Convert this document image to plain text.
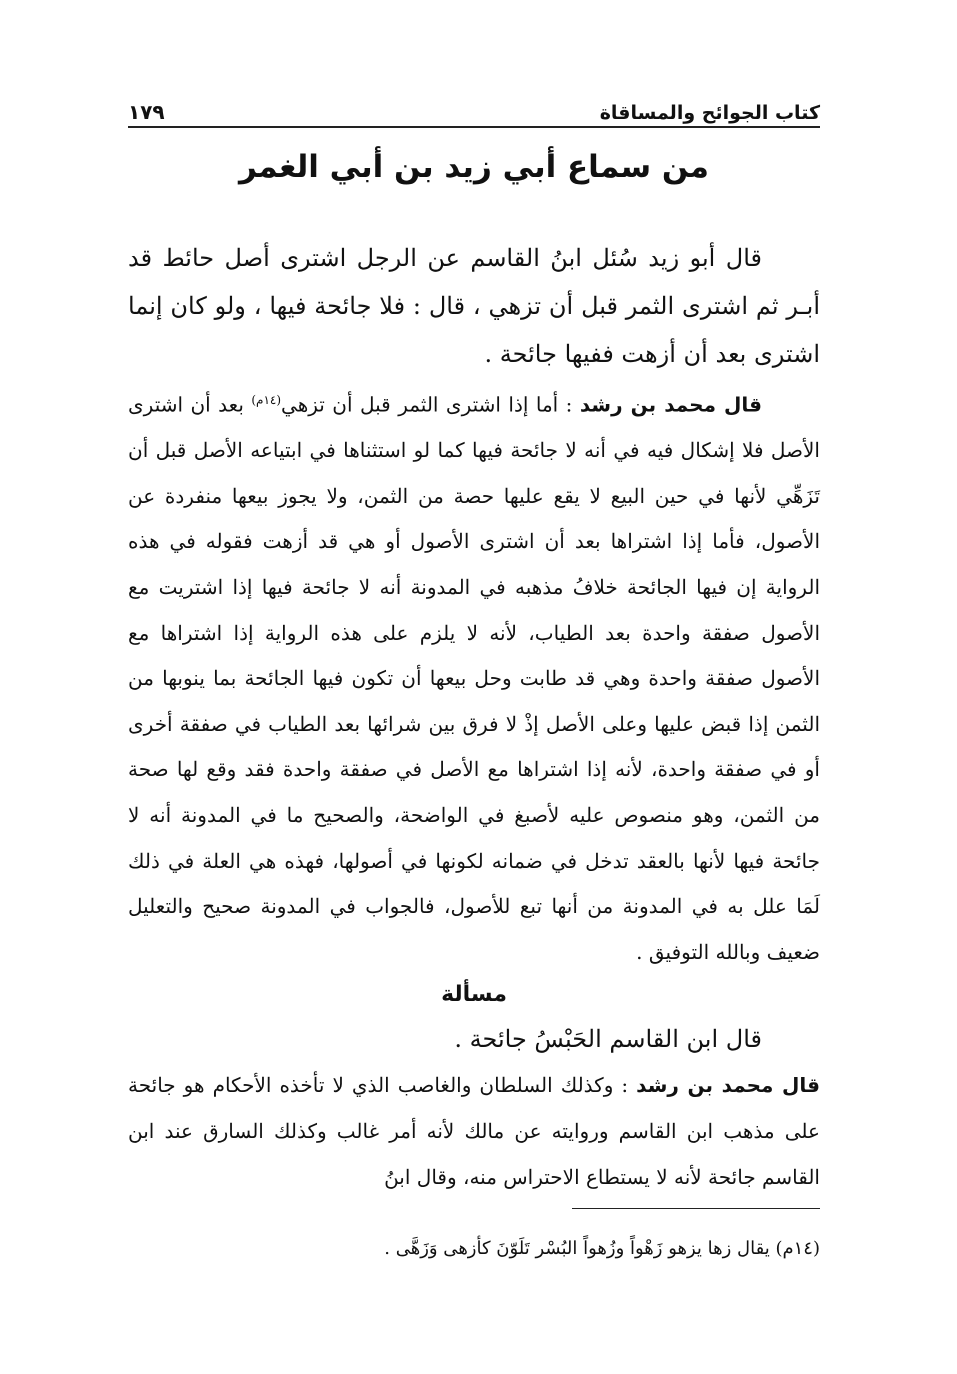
كتاب الجوائح والمساقاة
١٧٩
من سماع أبي زيد بن أبي الغمر

قال أبو زيد سُئل ابنُ القاسم عن الرجل اشترى أصل حائط قد أبـر ثم اشترى الثمر قبل أن تزهي ، قال : فلا جائحة فيها ، ولو كان إنما اشترى بعد أن أزهت ففيها جائحة .

قال محمد بن رشد : أما إذا اشترى الثمر قبل أن تزهي$^{(١٤م)}$ بعد أن اشترى الأصل فلا إشكال فيه في أنه لا جائحة فيها كما لو استثناها في ابتياعه الأصل قبل أن تَزَهِّي لأنها في حين البيع لا يقع عليها حصة من الثمن، ولا يجوز بيعها منفردة عن الأصول، فأما إذا اشتراها بعد أن اشترى الأصول أو هي قد أزهت فقوله في هذه الرواية إن فيها الجائحة خلافُ مذهبه في المدونة أنه لا جائحة فيها إذا اشتريت مع الأصول صفقة واحدة بعد الطياب، لأنه لا يلزم على هذه الرواية إذا اشتراها مع الأصول صفقة واحدة وهي قد طابت وحل بيعها أن تكون فيها الجائحة بما ينوبها من الثمن إذا قبض عليها وعلى الأصل إذْ لا فرق بين شرائها بعد الطياب في صفقة أخرى أو في صفقة واحدة، لأنه إذا اشتراها مع الأصل في صفقة واحدة فقد وقع لها صحة من الثمن، وهو منصوص عليه لأصبغ في الواضحة، والصحيح ما في المدونة أنه لا جائحة فيها لأنها بالعقد تدخل في ضمانه لكونها في أصولها، فهذه هي العلة في ذلك لَمَا علل به في المدونة من أنها تبع للأصول، فالجواب في المدونة صحيح والتعليل ضعيف وبالله التوفيق .

مسألة

قال ابن القاسم الحَبْسُ جائحة .

قال محمد بن رشد : وكذلك السلطان والغاصب الذي لا تأخذه الأحكام هو جائحة على مذهب ابن القاسم وروايته عن مالك لأنه أمر غالب وكذلك السارق عند ابن القاسم جائحة لأنه لا يستطاع الاحتراس منه، وقال ابنُ

(١٤م) يقال زها يزهو زَهْواً وزُهواً البُسْر تَلَوّنَ كأزهى وَزَهَّى .
